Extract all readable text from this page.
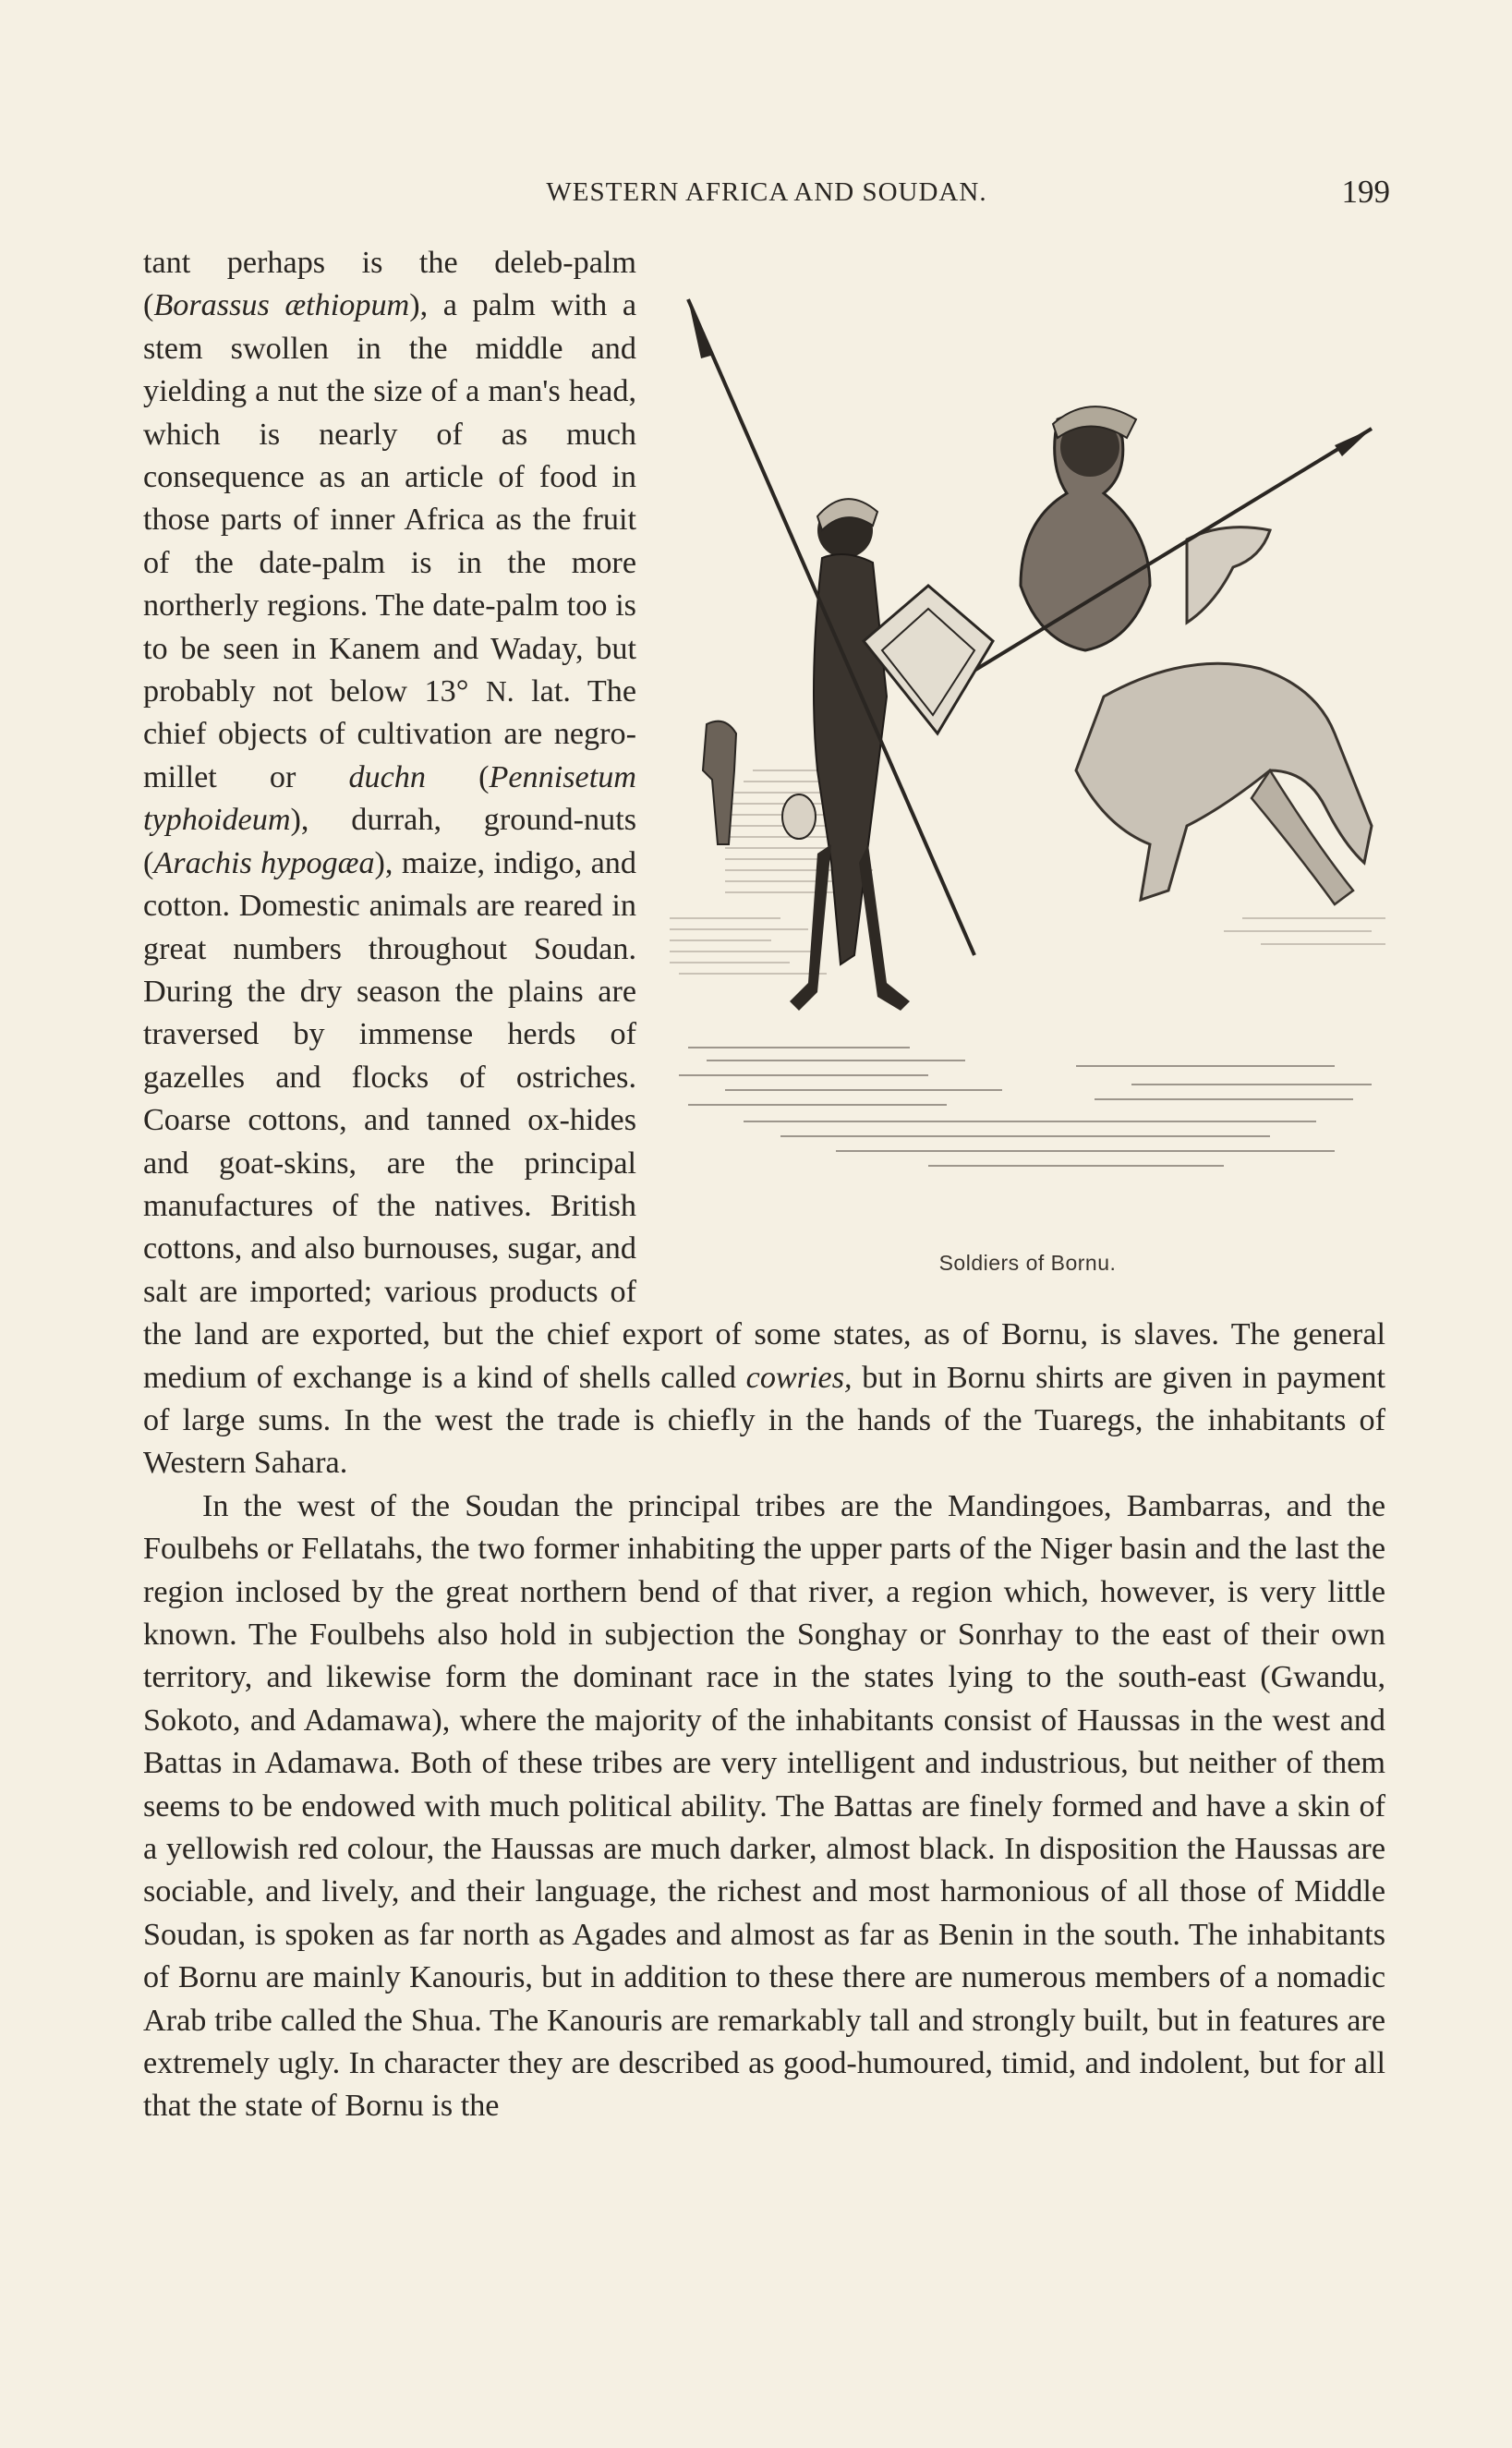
WESTERN AFRICA AND SOUDAN.	199
Soldiers of Bornu.

tant perhaps is the deleb-palm (Borassus æthiopum), a palm with a stem swollen in the middle and yielding a nut the size of a man's head, which is nearly of as much consequence as an article of food in those parts of inner Africa as the fruit of the date-palm is in the more northerly regions. The date-palm too is to be seen in Kanem and Waday, but probably not below 13° N. lat. The chief objects of cultivation are negro-millet or duchn (Pennisetum typhoideum), durrah, ground-nuts (Arachis hypogæa), maize, indigo, and cotton. Domestic animals are reared in great numbers throughout Soudan. During the dry season the plains are traversed by immense herds of gazelles and flocks of ostriches. Coarse cottons, and tanned ox-hides and goat-skins, are the principal manufactures of the natives. British cottons, and also burnouses, sugar, and salt are imported; various products of the land are exported, but the chief export of some states, as of Bornu, is slaves. The general medium of exchange is a kind of shells called cowries, but in Bornu shirts are given in payment of large sums. In the west the trade is chiefly in the hands of the Tuaregs, the inhabitants of Western Sahara.

In the west of the Soudan the principal tribes are the Mandingoes, Bambarras, and the Foulbehs or Fellatahs, the two former inhabiting the upper parts of the Niger basin and the last the region inclosed by the great northern bend of that river, a region which, however, is very little known. The Foulbehs also hold in subjection the Songhay or Sonrhay to the east of their own territory, and likewise form the dominant race in the states lying to the south-east (Gwandu, Sokoto, and Adamawa), where the majority of the inhabitants consist of Haussas in the west and Battas in Adamawa. Both of these tribes are very intelligent and industrious, but neither of them seems to be endowed with much political ability. The Battas are finely formed and have a skin of a yellowish red colour, the Haussas are much darker, almost black. In disposition the Haussas are sociable, and lively, and their language, the richest and most harmonious of all those of Middle Soudan, is spoken as far north as Agades and almost as far as Benin in the south. The inhabitants of Bornu are mainly Kanouris, but in addition to these there are numerous members of a nomadic Arab tribe called the Shua. The Kanouris are remarkably tall and strongly built, but in features are extremely ugly. In character they are described as good-humoured, timid, and indolent, but for all that the state of Bornu is the
